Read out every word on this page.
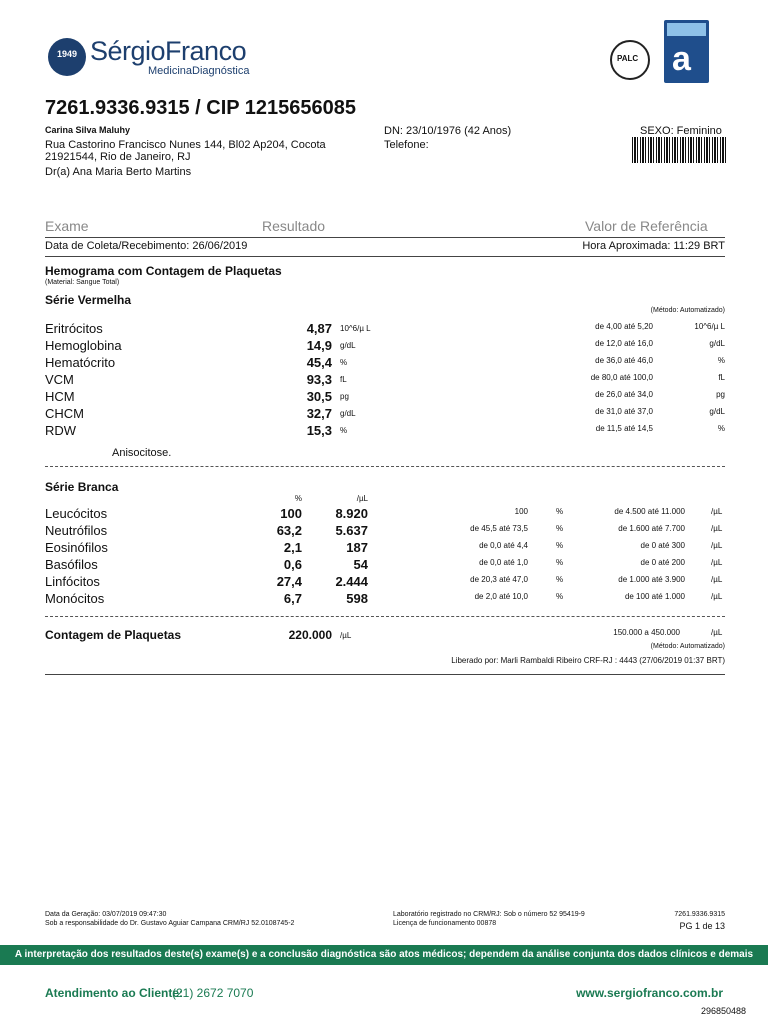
1949 SérgioFranco
MedicinaDiagnóstica
PALC a
7261.9336.9315 / CIP 1215656085
Carina Silva Maluhy
Rua Castorino Francisco Nunes 144, Bl02 Ap204, Cocota
21921544, Rio de Janeiro, RJ
Dr(a) Ana Maria Berto Martins
DN: 23/10/1976 (42 Anos)
Telefone:
SEXO: Feminino
Exame	Resultado	Valor de Referência
Data de Coleta/Recebimento: 26/06/2019	Hora Aproximada: 11:29 BRT
Hemograma com Contagem de Plaquetas
(Material: Sangue Total)
Série Vermelha
(Método: Automatizado)
Eritrócitos	4,87 10^6/µ L	de 4,00 até 5,20	10^6/µ L
Hemoglobina	14,9 g/dL	de 12,0 até 16,0	g/dL
Hematócrito	45,4 %	de 36,0 até 46,0	%
VCM	93,3 fL	de 80,0 até 100,0	fL
HCM	30,5 pg	de 26,0 até 34,0	pg
CHCM	32,7 g/dL	de 31,0 até 37,0	g/dL
RDW	15,3 %	de 11,5 até 14,5	%
Anisocitose.
Série Branca
%	/µL
Leucócitos	100	8.920	100	%	de 4.500 até 11.000	/µL
Neutrófilos	63,2	5.637	de 45,5 até 73,5	%	de 1.600 até 7.700	/µL
Eosinófilos	2,1	187	de 0,0 até 4,4	%	de 0 até 300	/µL
Basófilos	0,6	54	de 0,0 até 1,0	%	de 0 até 200	/µL
Linfócitos	27,4	2.444	de 20,3 até 47,0	%	de 1.000 até 3.900	/µL
Monócitos	6,7	598	de 2,0 até 10,0	%	de 100 até 1.000	/µL
Contagem de Plaquetas	220.000 /µL	150.000 a 450.000	/µL
(Método: Automatizado)
Liberado por: Marli Rambaldi Ribeiro CRF-RJ : 4443 (27/06/2019 01:37 BRT)
Data da Geração: 03/07/2019 09:47:30
Sob a responsabilidade do Dr. Gustavo Aguiar Campana CRM/RJ 52.0108745-2
Laboratório registrado no CRM/RJ: Sob o número 52 95419-9
Licença de funcionamento 00878
7261.9336.9315
PG 1 de 13
A interpretação dos resultados deste(s) exame(s) e a conclusão diagnóstica são atos médicos; dependem da análise conjunta dos dados clínicos e demais exames do (a) paciente.
Atendimento ao Cliente:
(21) 2672 7070	www.sergiofranco.com.br
296850488
